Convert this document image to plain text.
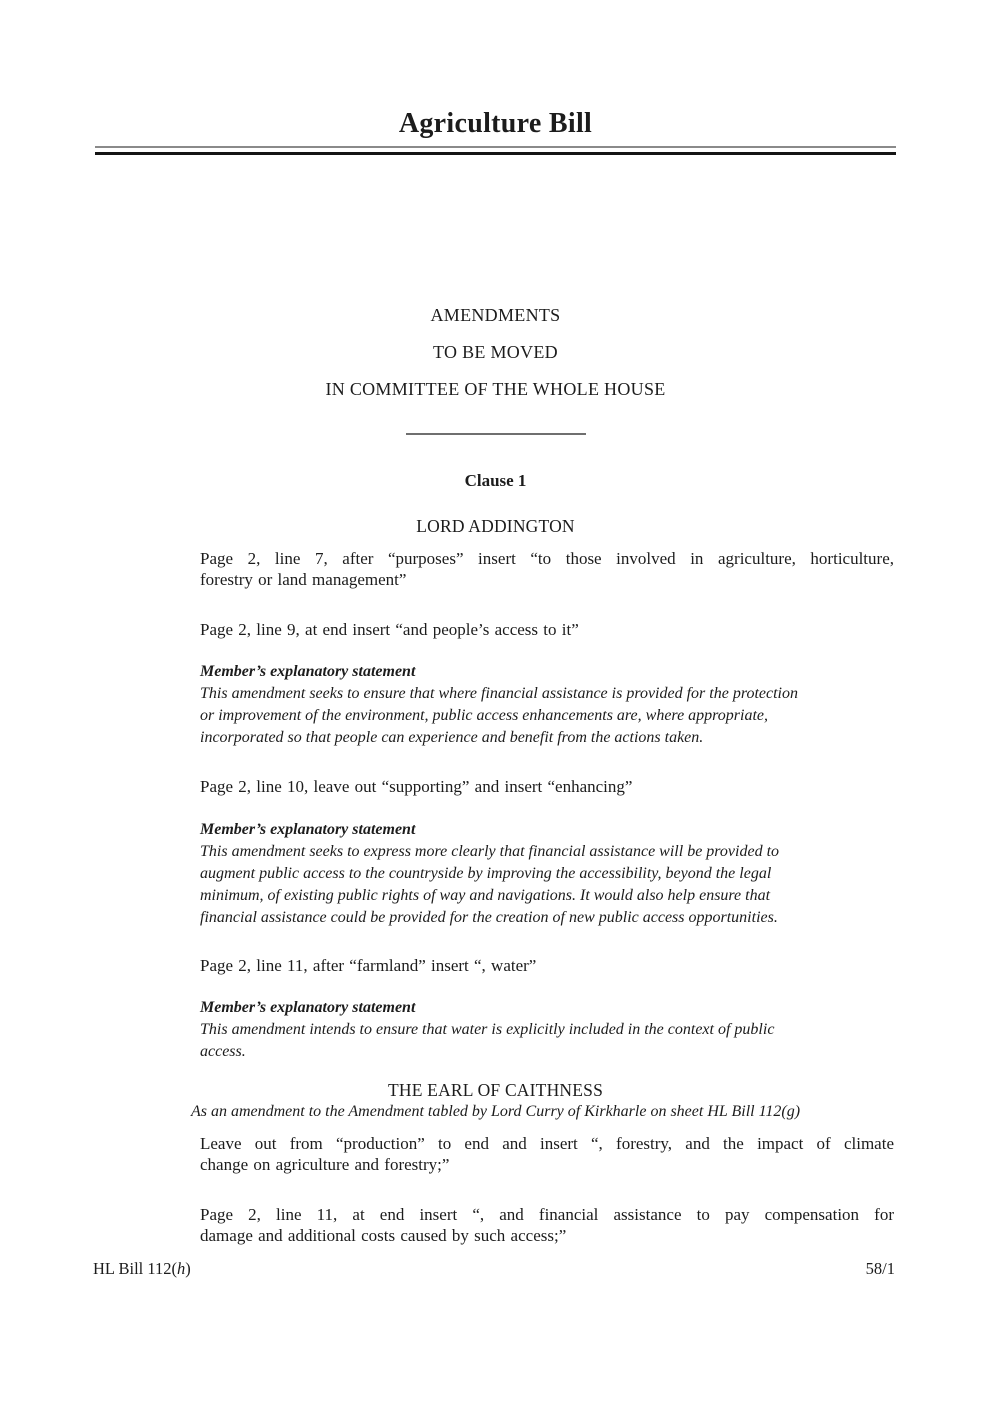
Agriculture Bill
AMENDMENTS
TO BE MOVED
IN COMMITTEE OF THE WHOLE HOUSE
Clause 1
LORD ADDINGTON
Page 2, line 7, after “purposes” insert “to those involved in agriculture, horticulture,
forestry or land management”
Page 2, line 9, at end insert “and people’s access to it”
Member’s explanatory statement
This amendment seeks to ensure that where financial assistance is provided for the protection
or improvement of the environment, public access enhancements are, where appropriate,
incorporated so that people can experience and benefit from the actions taken.
Page 2, line 10, leave out “supporting” and insert “enhancing”
Member’s explanatory statement
This amendment seeks to express more clearly that financial assistance will be provided to
augment public access to the countryside by improving the accessibility, beyond the legal
minimum, of existing public rights of way and navigations. It would also help ensure that
financial assistance could be provided for the creation of new public access opportunities.
Page 2, line 11, after “farmland” insert “, water”
Member’s explanatory statement
This amendment intends to ensure that water is explicitly included in the context of public
access.
THE EARL OF CAITHNESS
As an amendment to the Amendment tabled by Lord Curry of Kirkharle on sheet HL Bill 112(g)
Leave out from “production” to end and insert “, forestry, and the impact of climate
change on agriculture and forestry;”
Page 2, line 11, at end insert “, and financial assistance to pay compensation for
damage and additional costs caused by such access;”
HL Bill 112(h)	58/1
